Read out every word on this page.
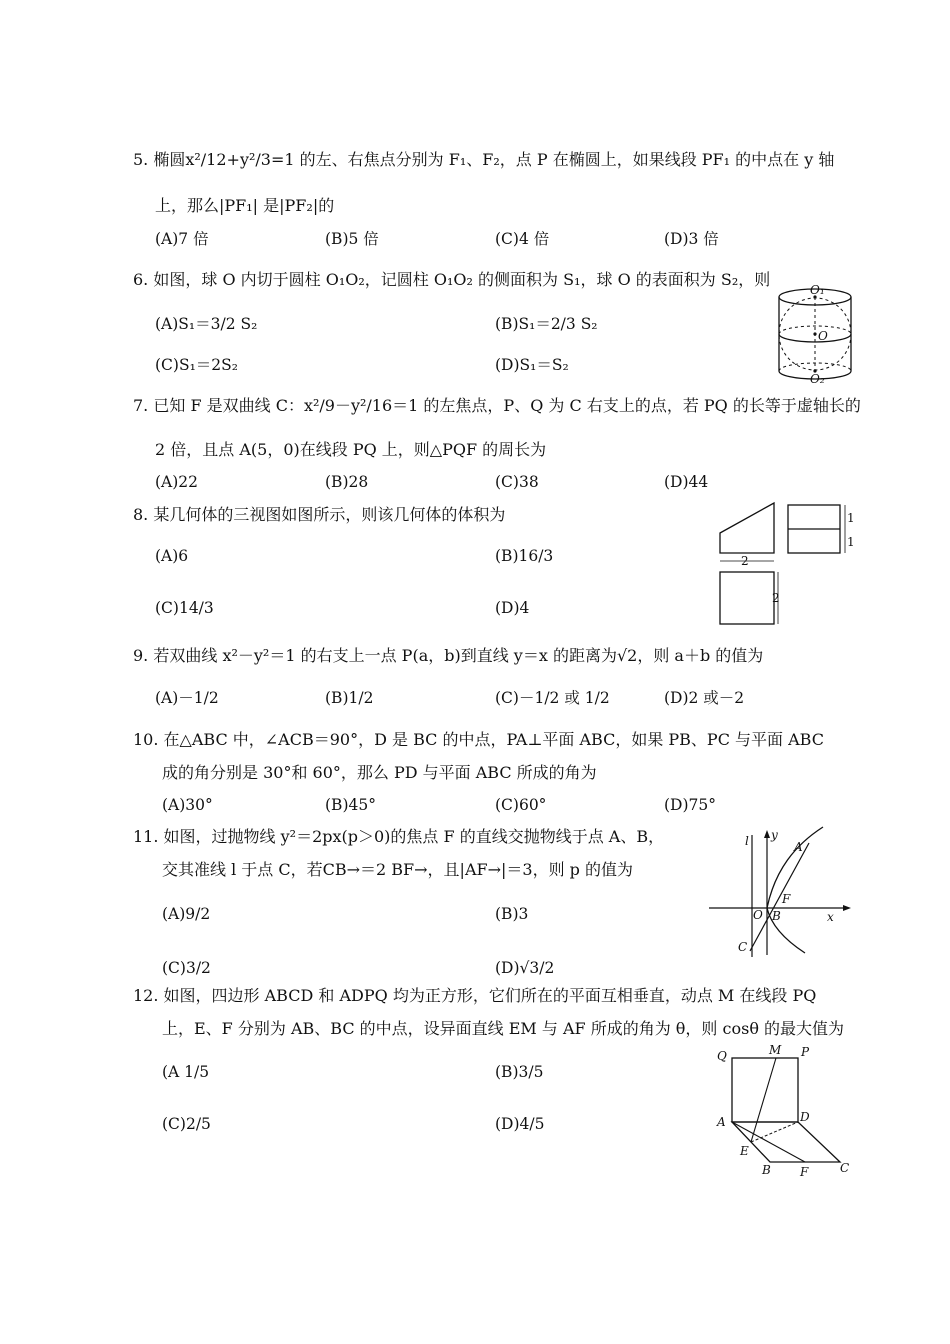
5. 椭圆x²/12+y²/3=1 的左、右焦点分别为 F₁、F₂，点 P 在椭圆上，如果线段 PF₁ 的中点在 y 轴
上，那么|PF₁| 是|PF₂|的
(A)7 倍	(B)5 倍	(C)4 倍	(D)3 倍
6. 如图，球 O 内切于圆柱 O₁O₂，记圆柱 O₁O₂ 的侧面积为 S₁，球 O 的表面积为 S₂，则
(A)S₁＝3/2 S₂	(B)S₁＝2/3 S₂
(C)S₁＝2S₂	(D)S₁＝S₂
O₁
O
O₂
7. 已知 F 是双曲线 C：x²/9－y²/16＝1 的左焦点，P、Q 为 C 右支上的点，若 PQ 的长等于虚轴长的
2 倍，且点 A(5，0)在线段 PQ 上，则△PQF 的周长为
(A)22	(B)28	(C)38	(D)44
8. 某几何体的三视图如图所示，则该几何体的体积为
(A)6	(B)16/3
(C)14/3	(D)4
1
1
2
2
9. 若双曲线 x²－y²＝1 的右支上一点 P(a，b)到直线 y＝x 的距离为√2，则 a＋b 的值为
(A)－1/2	(B)1/2	(C)－1/2 或 1/2	(D)2 或－2
10. 在△ABC 中，∠ACB＝90°，D 是 BC 的中点，PA⊥平面 ABC，如果 PB、PC 与平面 ABC
成的角分别是 30°和 60°，那么 PD 与平面 ABC 所成的角为
(A)30°	(B)45°	(C)60°	(D)75°
11. 如图，过抛物线 y²＝2px(p＞0)的焦点 F 的直线交抛物线于点 A、B，
交其准线 l 于点 C，若CB→＝2 BF→，且|AF→|＝3，则 p 的值为
(A)9/2	(B)3
(C)3/2	(D)√3/2
l y
A
F
O B	x
C
12. 如图，四边形 ABCD 和 ADPQ 均为正方形，它们所在的平面互相垂直，动点 M 在线段 PQ
上，E、F 分别为 AB、BC 的中点，设异面直线 EM 与 AF 所成的角为 θ，则 cosθ 的最大值为
(A 1/5	(B)3/5
(C)2/5	(D)4/5
Q	M P
A	D
E
B F	C
